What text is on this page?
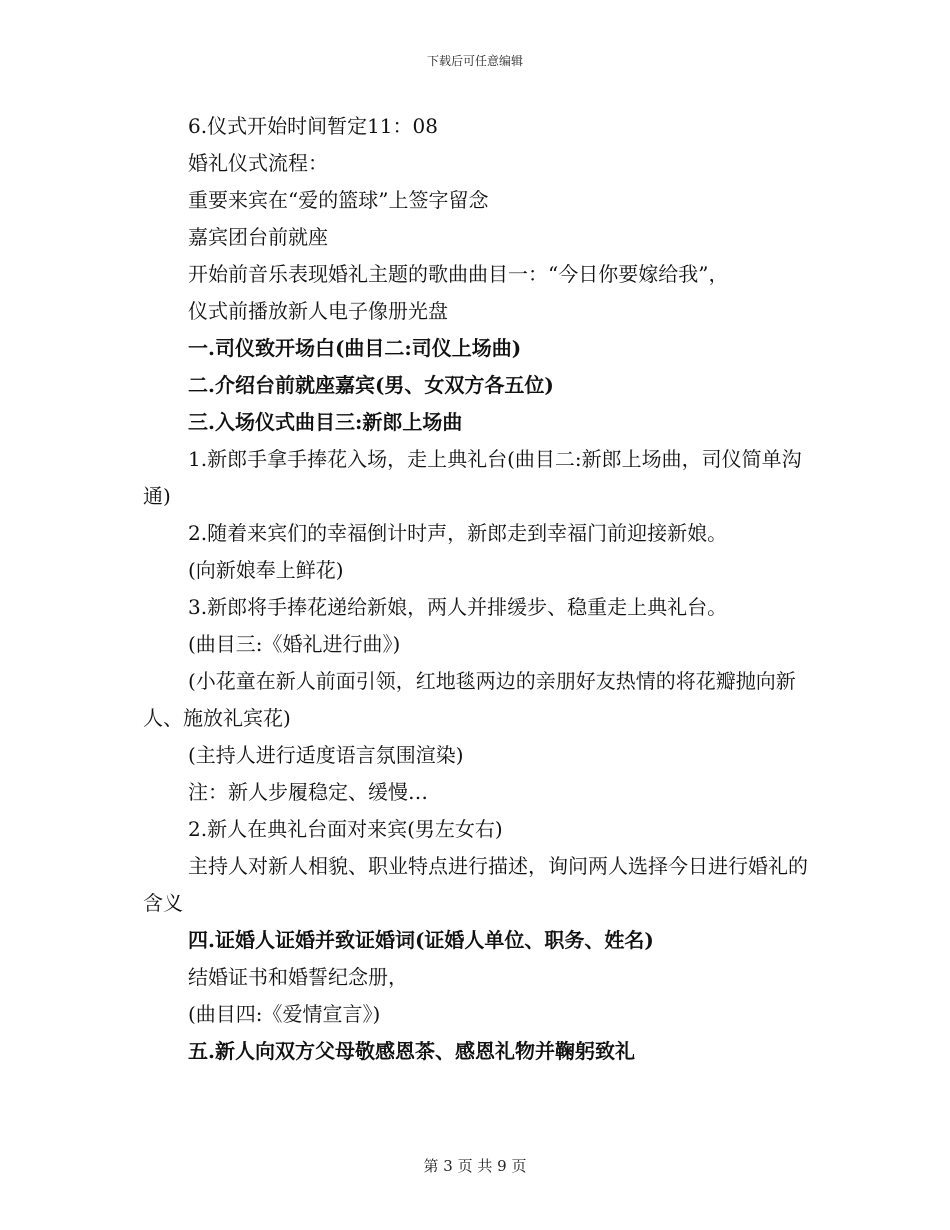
下载后可任意编辑

6.仪式开始时间暂定11：08

婚礼仪式流程：

重要来宾在“爱的篮球”上签字留念

嘉宾团台前就座

开始前音乐表现婚礼主题的歌曲曲目一：“今日你要嫁给我”，

仪式前播放新人电子像册光盘

一.司仪致开场白(曲目二:司仪上场曲)

二.介绍台前就座嘉宾(男、女双方各五位)

三.入场仪式曲目三:新郎上场曲

1.新郎手拿手捧花入场，走上典礼台(曲目二:新郎上场曲，司仪简单沟通)

2.随着来宾们的幸福倒计时声，新郎走到幸福门前迎接新娘。

(向新娘奉上鲜花)

3.新郎将手捧花递给新娘，两人并排缓步、稳重走上典礼台。

(曲目三:《婚礼进行曲》)

(小花童在新人前面引领，红地毯两边的亲朋好友热情的将花瓣抛向新人、施放礼宾花)

(主持人进行适度语言氛围渲染)

注：新人步履稳定、缓慢…

2.新人在典礼台面对来宾(男左女右)

主持人对新人相貌、职业特点进行描述，询问两人选择今日进行婚礼的含义

四.证婚人证婚并致证婚词(证婚人单位、职务、姓名)

结婚证书和婚誓纪念册，

(曲目四:《爱情宣言》)

五.新人向双方父母敬感恩茶、感恩礼物并鞠躬致礼

第 3 页 共 9 页
